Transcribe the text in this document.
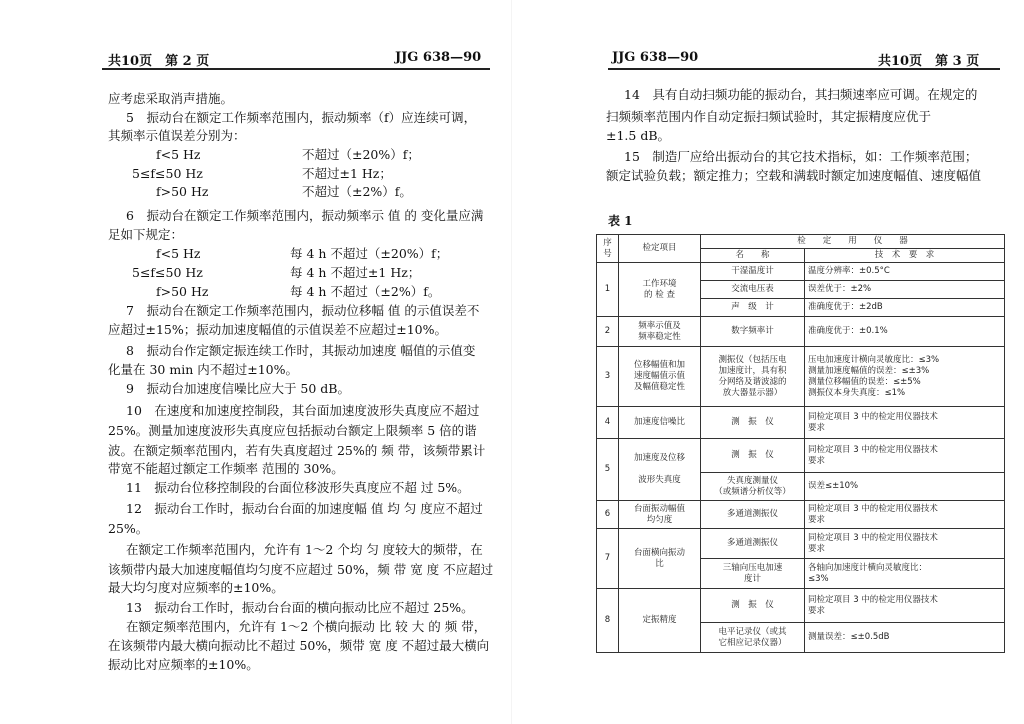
共10页　第 2 页	JJG 638—90
应考虑采取消声措施。
5　振动台在额定工作频率范围内，振动频率（f）应连续可调，
其频率示值误差分别为：
f<5 Hz	不超过（±20%）f；
5≤f≤50 Hz	不超过±1 Hz；
f>50 Hz	不超过（±2%）f。
6　振动台在额定工作频率范围内，振动频率示 值 的 变化量应满
足如下规定：
f<5 Hz	每 4 h 不超过（±20%）f；
5≤f≤50 Hz	每 4 h 不超过±1 Hz；
f>50 Hz	每 4 h 不超过（±2%）f。
7　振动台在额定工作频率范围内，振动位移幅 值 的示值误差不
应超过±15%；振动加速度幅值的示值误差不应超过±10%。
8　振动台作定额定振连续工作时，其振动加速度 幅值的示值变
化量在 30 min 内不超过±10%。
9　振动台加速度信噪比应大于 50 dB。
10　在速度和加速度控制段，其台面加速度波形失真度应不超过
25%。测量加速度波形失真度应包括振动台额定上限频率 5 倍的谐
波。在额定频率范围内，若有失真度超过 25%的 频 带，该频带累计
带宽不能超过额定工作频率 范围的 30%。
11　振动台位移控制段的台面位移波形失真度应不超 过 5%。
12　振动台工作时，振动台台面的加速度幅 值 均 匀 度应不超过
25%。
在额定工作频率范围内，允许有 1～2 个均 匀 度较大的频带，在
该频带内最大加速度幅值均匀度不应超过 50%，频 带 宽 度 不应超过
最大均匀度对应频率的±10%。
13　振动台工作时，振动台台面的横向振动比应不超过 25%。
在额定频率范围内，允许有 1～2 个横向振动 比 较 大 的 频 带，
在该频带内最大横向振动比不超过 50%，频带 宽 度 不超过最大横向
振动比对应频率的±10%。
JJG 638—90	共10页　第 3 页
14　具有自动扫频功能的振动台，其扫频速率应可调。在规定的
扫频频率范围内作自动定振扫频试验时，其定振精度应优于
±1.5 dB。
15　制造厂应给出振动台的其它技术指标，如：工作频率范围；
额定试验负载；额定推力；空载和满载时额定加速度幅值、速度幅值
表 1
序
号	检定项目	检　　定　　用　　仪　　器	
		名　　称	技　术　要　求
1	工作环境
的 检 查	干湿温度计	温度分辨率：±0.5°C
		交流电压表	误差优于：±2%
		声　级　计	准确度优于：±2dB
2	频率示值及
频率稳定性	数字频率计	准确度优于：±0.1%
3	位移幅值和加
速度幅值示值
及幅值稳定性	测振仪（包括压电
加速度计，具有积
分网络及谐波滤的
放大器显示器）	压电加速度计横向灵敏度比：≤3%
测量加速度幅值的误差：≤±3%
测量位移幅值的误差：≤±5%
测振仪本身失真度：≤1%
4	加速度信噪比	测　振　仪	同检定项目 3 中的检定用仪器技术
要求
5	加速度及位移

波形失真度	测　振　仪	同检定项目 3 中的检定用仪器技术
要求
		失真度测量仪
（或频谱分析仪等）	误差≤±10%
6	台面振动幅值
均匀度	多通道测振仪	同检定项目 3 中的检定用仪器技术
要求
7	台面横向振动
比	多通道测振仪	同检定项目 3 中的检定用仪器技术
要求
		三轴向压电加速
度计	各轴向加速度计横向灵敏度比：
≤3%
8	定振精度	测　振　仪	同检定项目 3 中的检定用仪器技术
要求
		电平记录仪（或其
它相应记录仪器）	测量误差：≤±0.5dB
